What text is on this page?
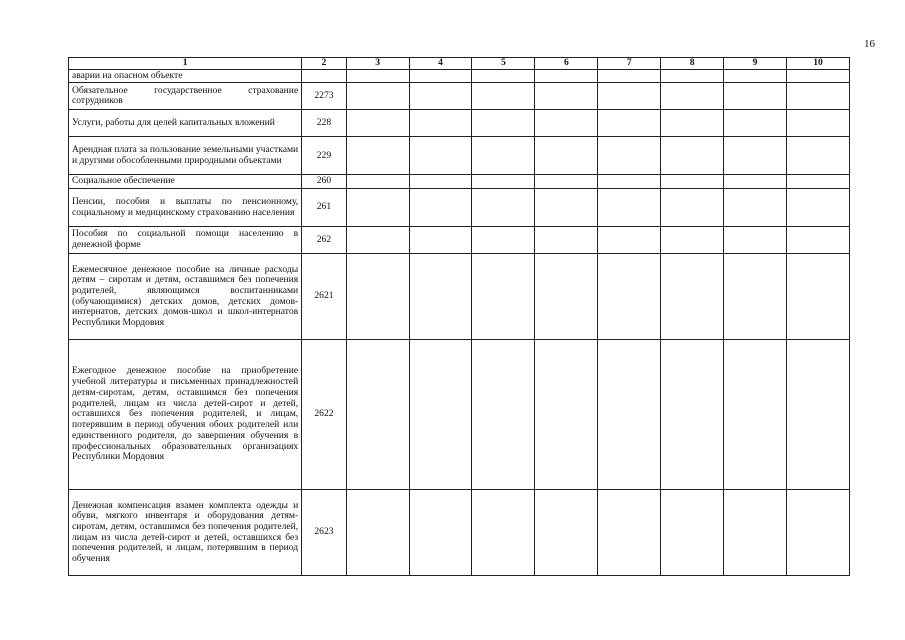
16
1	2	3	4	5	6	7	8	9	10
аварии на опасном объекте									
Обязательное государственное страхование сотрудников	2273								
Услуги, работы для целей капитальных вложений	228								
Арендная плата за пользование земельными участками и другими обособленными природными объектами	229								
Социальное обеспечение	260								
Пенсии, пособия и выплаты по пенсионному, социальному и медицинскому страхованию населения	261								
Пособия по социальной помощи населению в денежной форме	262								
Ежемесячное денежное пособие на личные расходы детям – сиротам и детям, оставшимся без попечения родителей, являющимся воспитанниками (обучающимися) детских домов, детских домов-интернатов, детских домов-школ и школ-интернатов Республики Мордовия	2621								
Ежегодное денежное пособие на приобретение учебной литературы и письменных принадлежностей детям-сиротам, детям, оставшимся без попечения родителей, лицам из числа детей-сирот и детей, оставшихся без попечения родителей, и лицам, потерявшим в период обучения обоих родителей или единственного родителя, до завершения обучения в профессиональных образовательных организациях Республики Мордовия	2622								
Денежная компенсация взамен комплекта одежды и обуви, мягкого инвентаря и оборудования детям-сиротам, детям, оставшимся без попечения родителей, лицам из числа детей-сирот и детей, оставшихся без попечения родителей, и лицам, потерявшим в период обучения	2623								
